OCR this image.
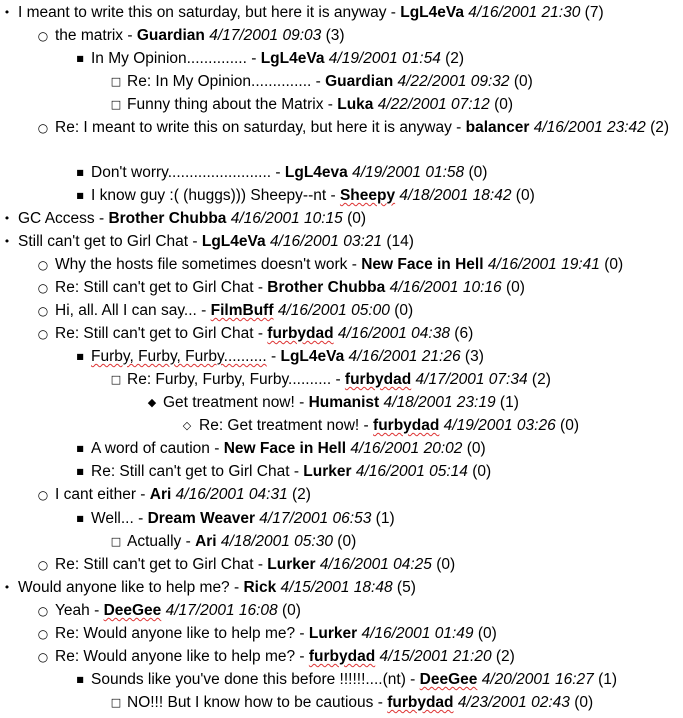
• I meant to write this on saturday, but here it is anyway - LgL4eVa 4/16/2001 21:30 (7)
○ the matrix - Guardian 4/17/2001 09:03 (3)
■ In My Opinion.............. - LgL4eVa 4/19/2001 01:54 (2)
□ Re: In My Opinion.............. - Guardian 4/22/2001 09:32 (0)
□ Funny thing about the Matrix - Luka 4/22/2001 07:12 (0)
○ Re: I meant to write this on saturday, but here it is anyway - balancer 4/16/2001 23:42 (2)
■ Don't worry........................ - LgL4eva 4/19/2001 01:58 (0)
■ I know guy :( (huggs))) Sheepy--nt - Sheepy 4/18/2001 18:42 (0)
• GC Access - Brother Chubba 4/16/2001 10:15 (0)
• Still can't get to Girl Chat - LgL4eVa 4/16/2001 03:21 (14)
○ Why the hosts file sometimes doesn't work - New Face in Hell 4/16/2001 19:41 (0)
○ Re: Still can't get to Girl Chat - Brother Chubba 4/16/2001 10:16 (0)
○ Hi, all. All I can say... - FilmBuff 4/16/2001 05:00 (0)
○ Re: Still can't get to Girl Chat - furbydad 4/16/2001 04:38 (6)
■ Furby, Furby, Furby.......... - LgL4eVa 4/16/2001 21:26 (3)
□ Re: Furby, Furby, Furby.......... - furbydad 4/17/2001 07:34 (2)
◆ Get treatment now! - Humanist 4/18/2001 23:19 (1)
◇ Re: Get treatment now! - furbydad 4/19/2001 03:26 (0)
■ A word of caution - New Face in Hell 4/16/2001 20:02 (0)
■ Re: Still can't get to Girl Chat - Lurker 4/16/2001 05:14 (0)
○ I cant either - Ari 4/16/2001 04:31 (2)
■ Well... - Dream Weaver 4/17/2001 06:53 (1)
□ Actually - Ari 4/18/2001 05:30 (0)
○ Re: Still can't get to Girl Chat - Lurker 4/16/2001 04:25 (0)
• Would anyone like to help me? - Rick 4/15/2001 18:48 (5)
○ Yeah - DeeGee 4/17/2001 16:08 (0)
○ Re: Would anyone like to help me? - Lurker 4/16/2001 01:49 (0)
○ Re: Would anyone like to help me? - furbydad 4/15/2001 21:20 (2)
■ Sounds like you've done this before !!!!!!....(nt) - DeeGee 4/20/2001 16:27 (1)
□ NO!!! But I know how to be cautious - furbydad 4/23/2001 02:43 (0)
